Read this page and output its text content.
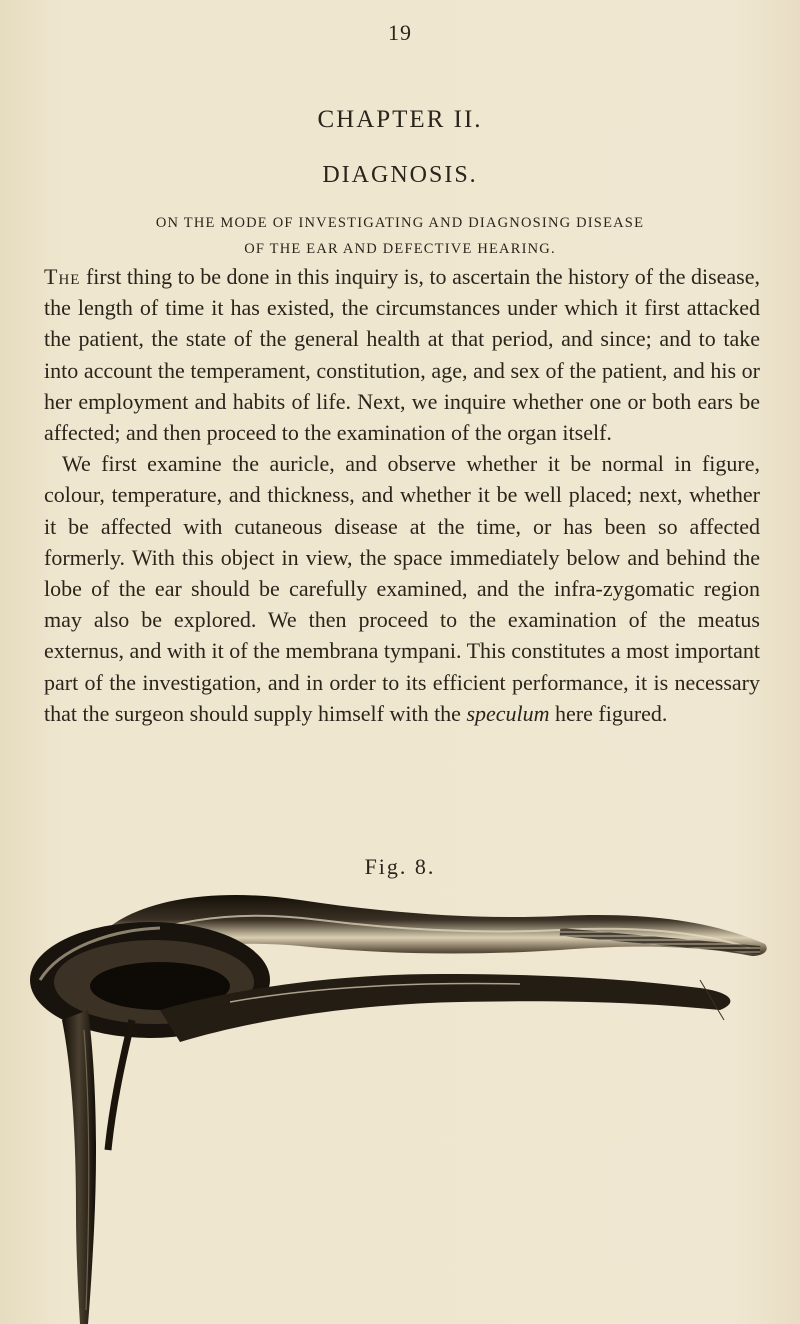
19
CHAPTER II.
DIAGNOSIS.
ON THE MODE OF INVESTIGATING AND DIAGNOSING DISEASE
OF THE EAR AND DEFECTIVE HEARING.

The first thing to be done in this inquiry is, to ascertain the history of the disease, the length of time it has existed, the circumstances under which it first attacked the patient, the state of the general health at that period, and since; and to take into account the temperament, constitution, age, and sex of the patient, and his or her employment and habits of life. Next, we inquire whether one or both ears be affected; and then proceed to the examination of the organ itself.

We first examine the auricle, and observe whether it be normal in figure, colour, temperature, and thickness, and whether it be well placed; next, whether it be affected with cutaneous disease at the time, or has been so affected formerly. With this object in view, the space immediately below and behind the lobe of the ear should be carefully examined, and the infra-zygomatic region may also be explored. We then proceed to the examination of the meatus externus, and with it of the membrana tympani. This constitutes a most important part of the investigation, and in order to its efficient performance, it is necessary that the surgeon should supply himself with the speculum here figured.

Fig. 8.
